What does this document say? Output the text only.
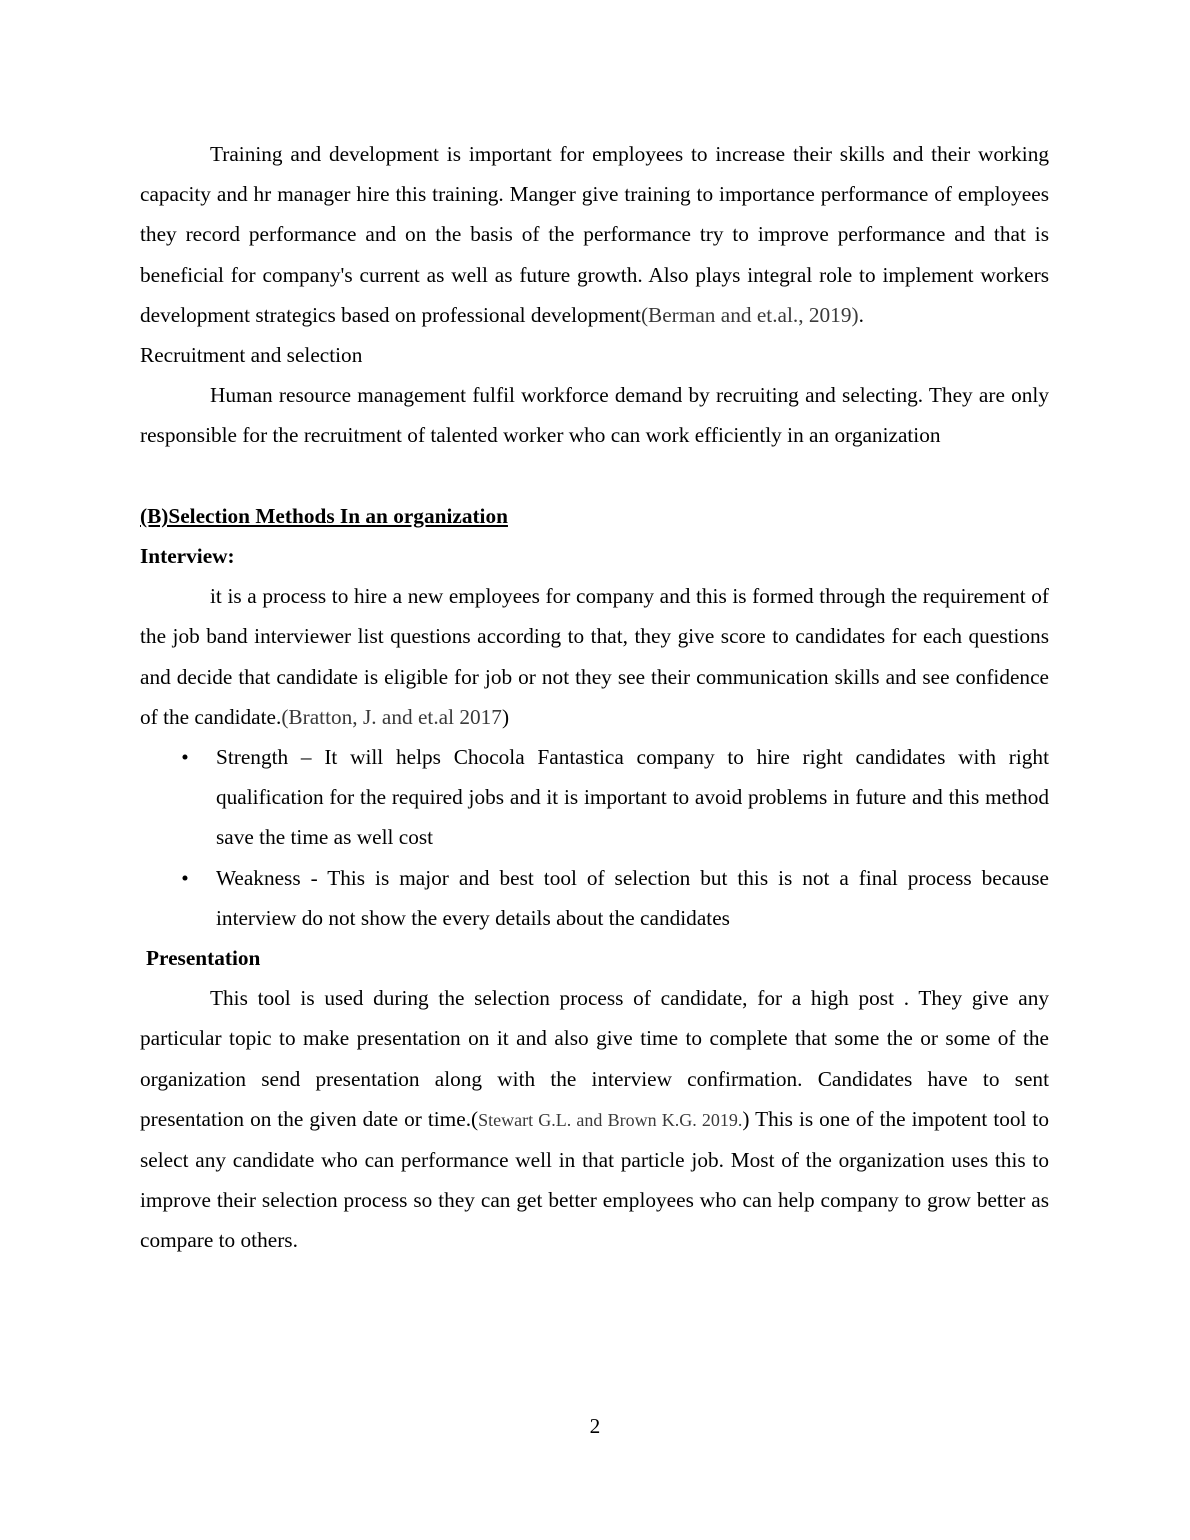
Training and development is important for employees to increase their skills and their working capacity and hr manager hire this training. Manger give training to importance performance of employees they record performance and on the basis of the performance try to improve performance and that is beneficial for company's current as well as future growth. Also plays integral role to implement workers development strategics based on professional development(Berman and et.al., 2019).

Recruitment and selection

Human resource management fulfil workforce demand by recruiting and selecting. They are only responsible for the recruitment of talented worker who can work efficiently in an organization

(B)Selection Methods In an organization

Interview:

it is a process to hire a new employees for company and this is formed through the requirement of the job band interviewer list questions according to that, they give score to candidates for each questions and decide that candidate is eligible for job or not they see their communication skills and see confidence of the candidate.(Bratton, J. and et.al 2017)

• Strength – It will helps Chocola Fantastica company to hire right candidates with right qualification for the required jobs and it is important to avoid problems in future and this method save the time as well cost
• Weakness - This is major and best tool of selection but this is not a final process because interview do not show the every details about the candidates

Presentation

This tool is used during the selection process of candidate, for a high post . They give any particular topic to make presentation on it and also give time to complete that some the or some of the organization send presentation along with the interview confirmation. Candidates have to sent presentation on the given date or time.(Stewart G.L. and Brown K.G. 2019.) This is one of the impotent tool to select any candidate who can performance well in that particle job. Most of the organization uses this to improve their selection process so they can get better employees who can help company to grow better as compare to others.

2
